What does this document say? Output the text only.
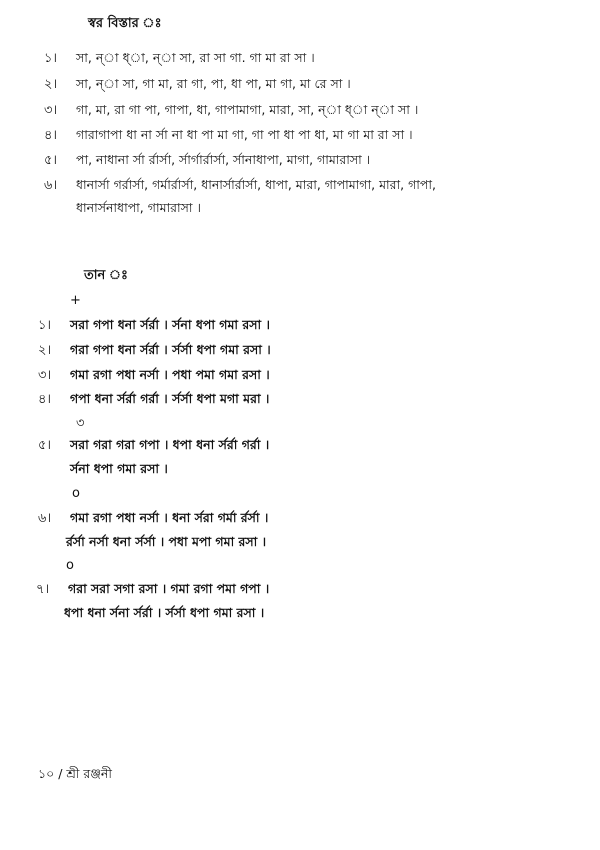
স্বর বিস্তার ঃ
১।	সা, ন্া ধ্া, ন্া সা, রা সা গা. গা মা রা সা ।
২।	সা, ন্া সা, গা মা, রা গা, পা, ধা পা, মা গা, মা রে সা ।
৩।	গা, মা, রা গা পা, গাপা, ধা, গাপামাগা, মারা, সা, ন্া ধ্া ন্া সা ।
৪।	গারাগাপা ধা না র্সা না ধা পা মা গা, গা পা ধা পা ধা, মা গা মা রা সা ।
৫।	পা, নাধানা র্সা র্রার্সা, র্সার্গার্রার্সা, র্সানাধাপা, মাগা, গামারাসা ।
৬।	ধানার্সা গর্রার্সা, গর্মার্রার্সা, ধানার্সার্রার্সা, ধাপা, মারা, গাপামাগা, মারা, গাপা,
ধানার্সনাধাপা, গামারাসা ।
তান ঃ
+
১।	সরা গপা ধনা র্সর্রা । র্সনা ধপা গমা রসা ।
২।	গরা গপা ধনা র্সর্রা । র্সর্সা ধপা গমা রসা ।
৩।	গমা রগা পধা নর্সা । পধা পমা গমা রসা ।
৪।	গপা ধনা র্সর্রা গর্রা । র্সর্সা ধপা মগা মরা ।
৩
৫।	সরা গরা গরা গপা । ধপা ধনা র্সর্রা গর্রা ।
র্সনা ধপা গমা রসা ।
o
৬।	গমা রগা পধা নর্সা । ধনা র্সরা গর্মা র্রর্সা ।
র্রর্সা নর্সা ধনা র্সর্সা । পধা মপা গমা রসা ।
o
৭।	গরা সরা সগা রসা । গমা রগা পমা গপা ।
ধপা ধনা র্সনা র্সর্রা । র্সর্সা ধপা গমা রসা ।
১০ / শ্রী রঞ্জনী
